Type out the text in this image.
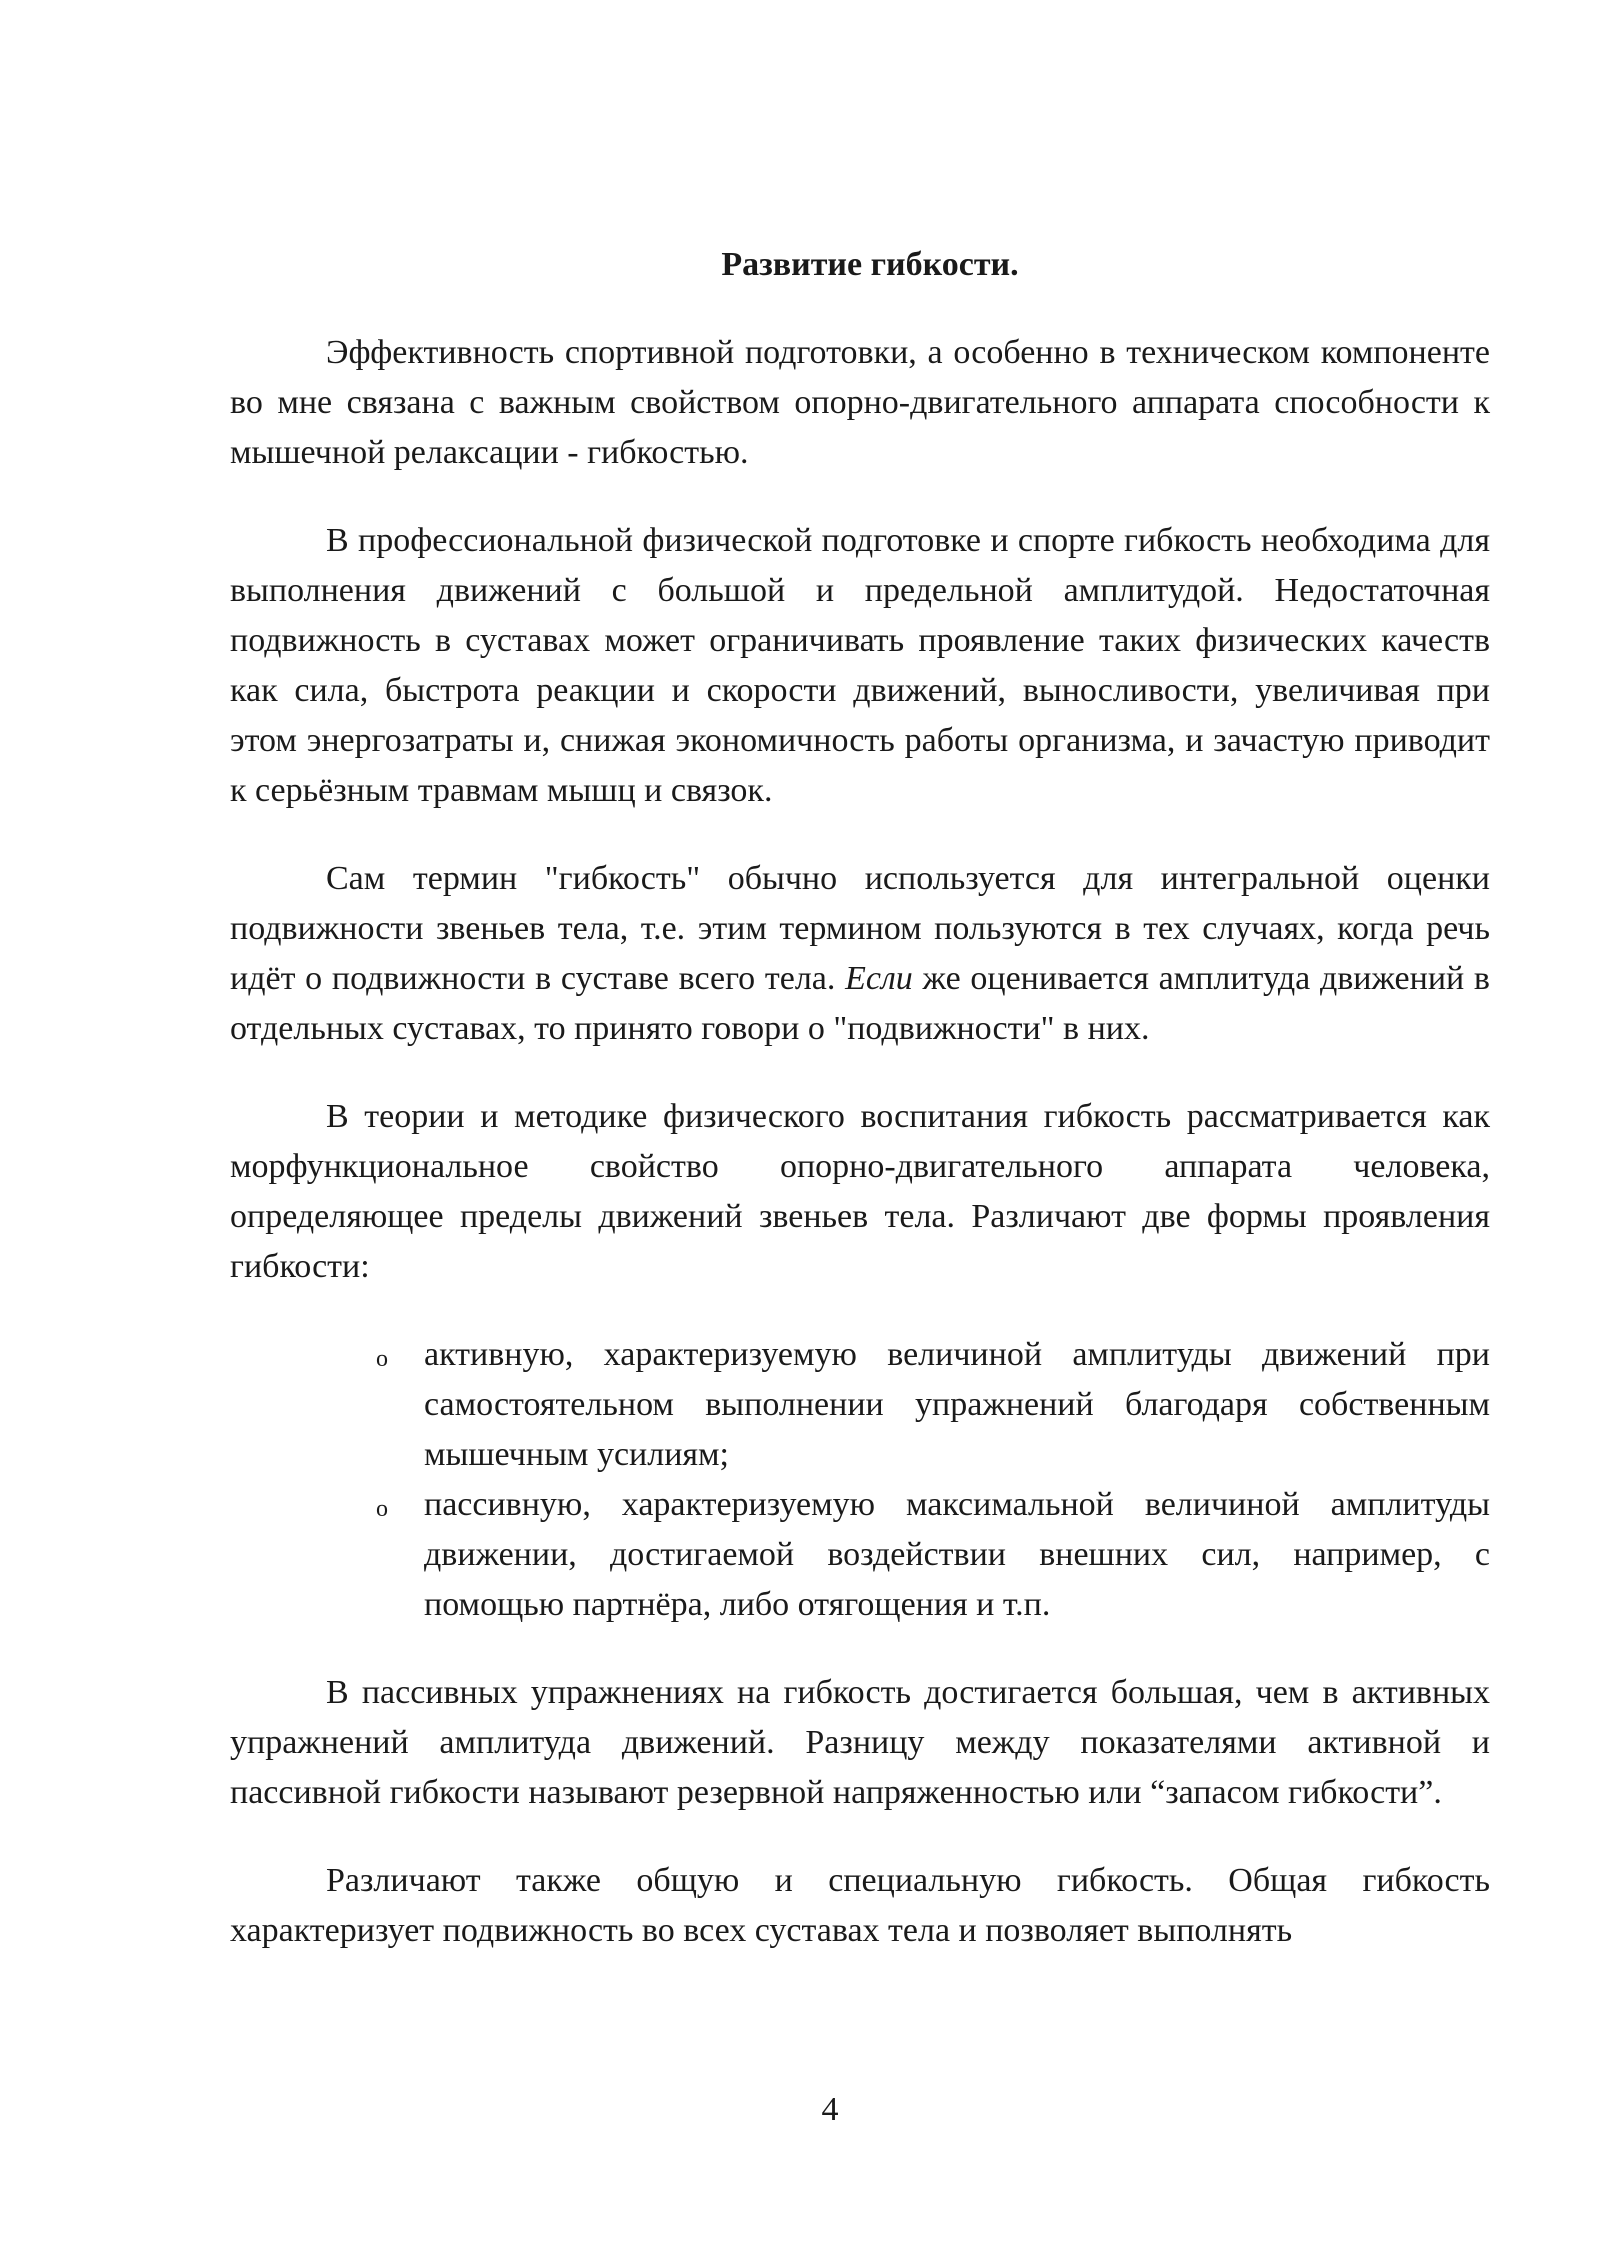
Развитие гибкости.

Эффективность спортивной подготовки, а особенно в техническом компоненте во мне связана с важным свойством опорно-двигательного аппарата способности к мышечной релаксации - гибкостью.

В профессиональной физической подготовке и спорте гибкость необходима для выполнения движений с большой и предельной амплитудой. Недостаточная подвижность в суставах может ограничивать проявление таких физических качеств как сила, быстрота реакции и скорости движений, выносливости, увеличивая при этом энергозатраты и, снижая экономичность работы организма, и зачастую приводит к серьёзным травмам мышц и связок.

Сам термин "гибкость" обычно используется для интегральной оценки подвижности звеньев тела, т.е. этим термином пользуются в тех случаях, когда речь идёт о подвижности в суставе всего тела. Если же оценивается амплитуда движений в отдельных суставах, то принято говори о "подвижности" в них.

В теории и методике физического воспитания гибкость рассматривается как морфункциональное свойство опорно-двигательного аппарата человека, определяющее пределы движений звеньев тела. Различают две формы проявления гибкости:

o активную, характеризуемую величиной амплитуды движений при самостоятельном выполнении упражнений благодаря собственным мышечным усилиям;
o пассивную, характеризуемую максимальной величиной амплитуды движении, достигаемой воздействии внешних сил, например, с помощью партнёра, либо отягощения и т.п.

В пассивных упражнениях на гибкость достигается большая, чем в активных упражнений амплитуда движений. Разницу между показателями активной и пассивной гибкости называют резервной напряженностью или “запасом гибкости”.

Различают также общую и специальную гибкость. Общая гибкость характеризует подвижность во всех суставах тела и позволяет выполнять

4
